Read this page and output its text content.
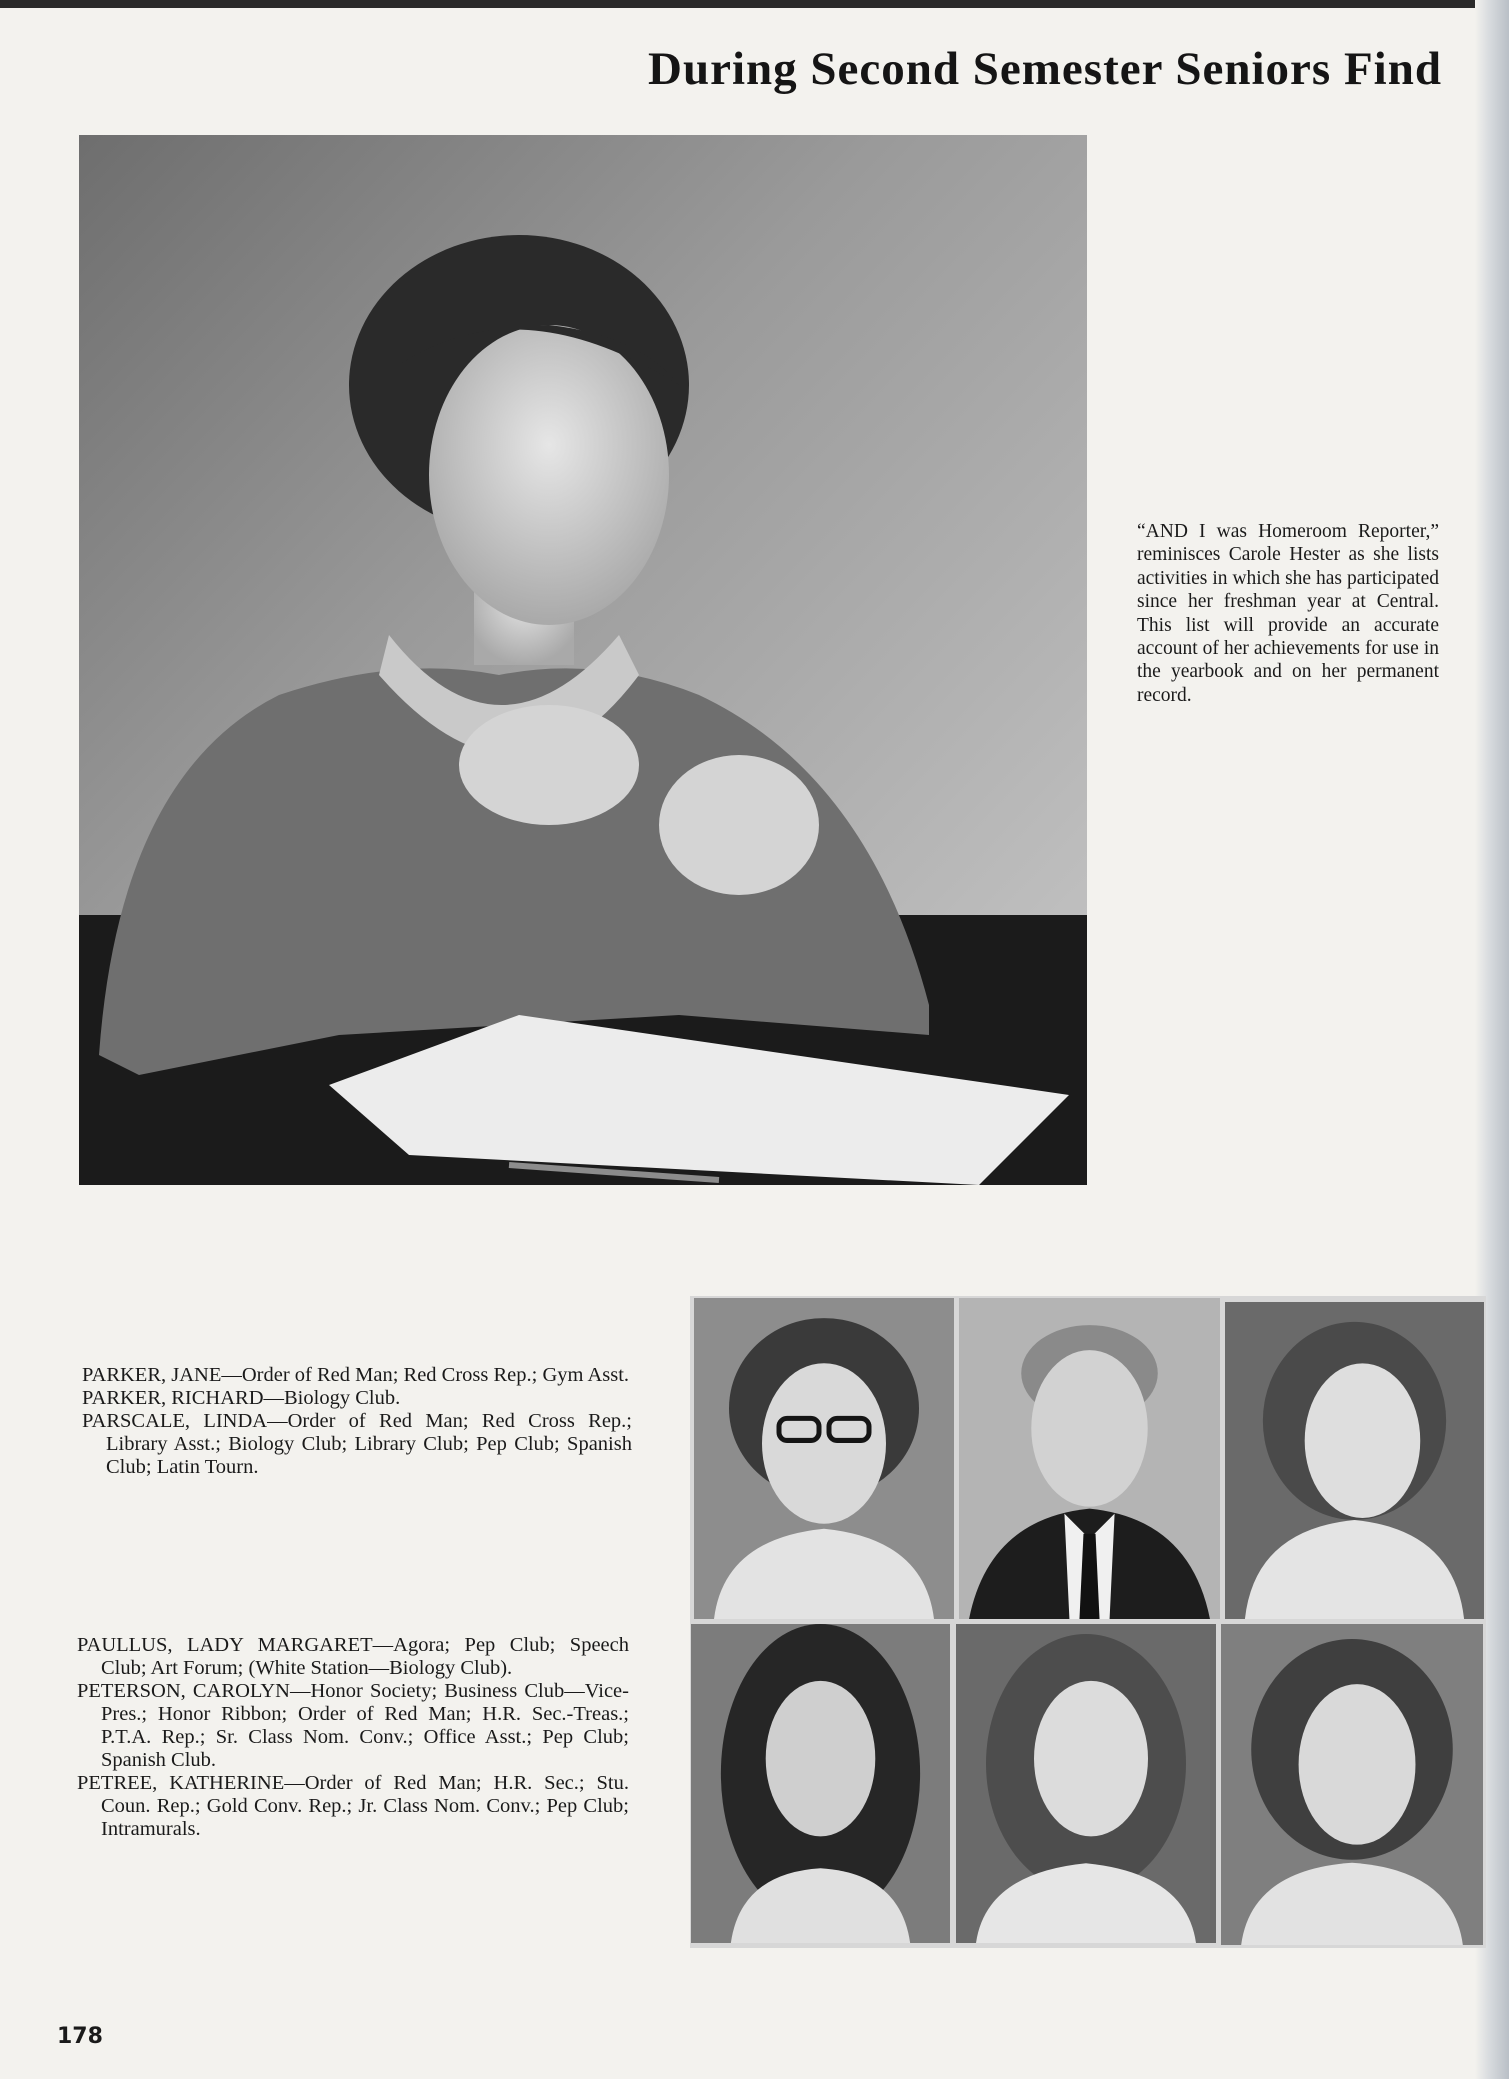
During Second Semester Seniors Find
“AND I was Homeroom Reporter,” reminisces Carole Hester as she lists activities in which she has participated since her freshman year at Central. This list will provide an accurate account of her achievements for use in the yearbook and on her permanent record.

PARKER, JANE—Order of Red Man; Red Cross Rep.; Gym Asst.

PARKER, RICHARD—Biology Club.

PARSCALE, LINDA—Order of Red Man; Red Cross Rep.; Library Asst.; Biology Club; Library Club; Pep Club; Spanish Club; Latin Tourn.

PAULLUS, LADY MARGARET—Agora; Pep Club; Speech Club; Art Forum; (White Station—Biology Club).

PETERSON, CAROLYN—Honor Society; Business Club—Vice-Pres.; Honor Ribbon; Order of Red Man; H.R. Sec.-Treas.; P.T.A. Rep.; Sr. Class Nom. Conv.; Office Asst.; Pep Club; Spanish Club.

PETREE, KATHERINE—Order of Red Man; H.R. Sec.; Stu. Coun. Rep.; Gold Conv. Rep.; Jr. Class Nom. Conv.; Pep Club; Intramurals.

178
